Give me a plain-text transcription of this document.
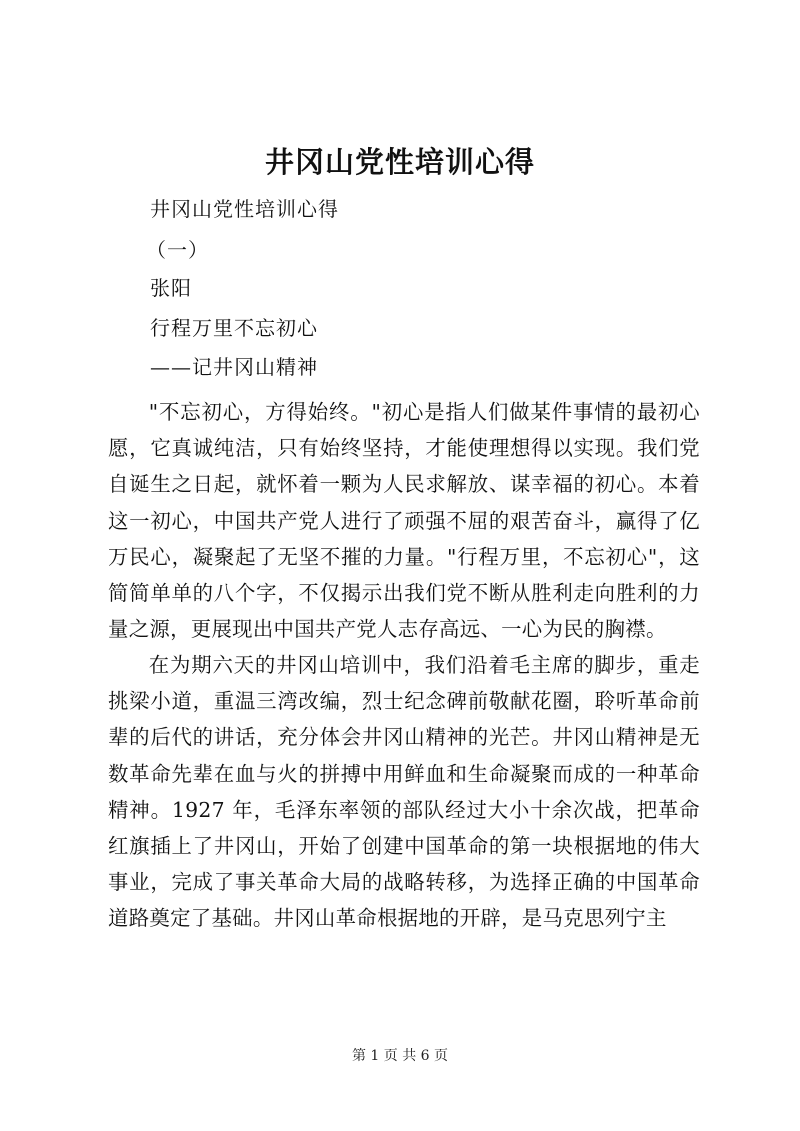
井冈山党性培训心得
井冈山党性培训心得
（一）
张阳
行程万里不忘初心
——记井冈山精神

"不忘初心，方得始终。"初心是指人们做某件事情的最初心愿，它真诚纯洁，只有始终坚持，才能使理想得以实现。我们党自诞生之日起，就怀着一颗为人民求解放、谋幸福的初心。本着这一初心，中国共产党人进行了顽强不屈的艰苦奋斗，赢得了亿万民心，凝聚起了无坚不摧的力量。"行程万里，不忘初心"，这简简单单的八个字，不仅揭示出我们党不断从胜利走向胜利的力量之源，更展现出中国共产党人志存高远、一心为民的胸襟。

在为期六天的井冈山培训中，我们沿着毛主席的脚步，重走挑梁小道，重温三湾改编，烈士纪念碑前敬献花圈，聆听革命前辈的后代的讲话，充分体会井冈山精神的光芒。井冈山精神是无数革命先辈在血与火的拼搏中用鲜血和生命凝聚而成的一种革命精神。1927 年，毛泽东率领的部队经过大小十余次战，把革命红旗插上了井冈山，开始了创建中国革命的第一块根据地的伟大事业，完成了事关革命大局的战略转移，为选择正确的中国革命道路奠定了基础。井冈山革命根据地的开辟，是马克思列宁主

第 1 页 共 6 页
